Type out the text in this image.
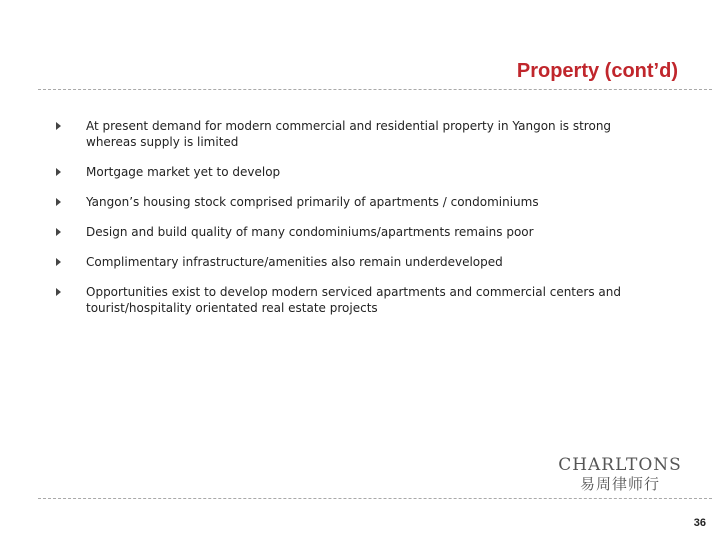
Property (cont’d)
At present demand for modern commercial and residential property in Yangon is strong whereas supply is limited
Mortgage market yet to develop
Yangon’s housing stock comprised primarily of apartments / condominiums
Design and build quality of many condominiums/apartments remains poor
Complimentary infrastructure/amenities also remain underdeveloped
Opportunities exist to develop modern serviced apartments and commercial centers and tourist/hospitality orientated real estate projects
CHARLTONS
易周律师行
36
